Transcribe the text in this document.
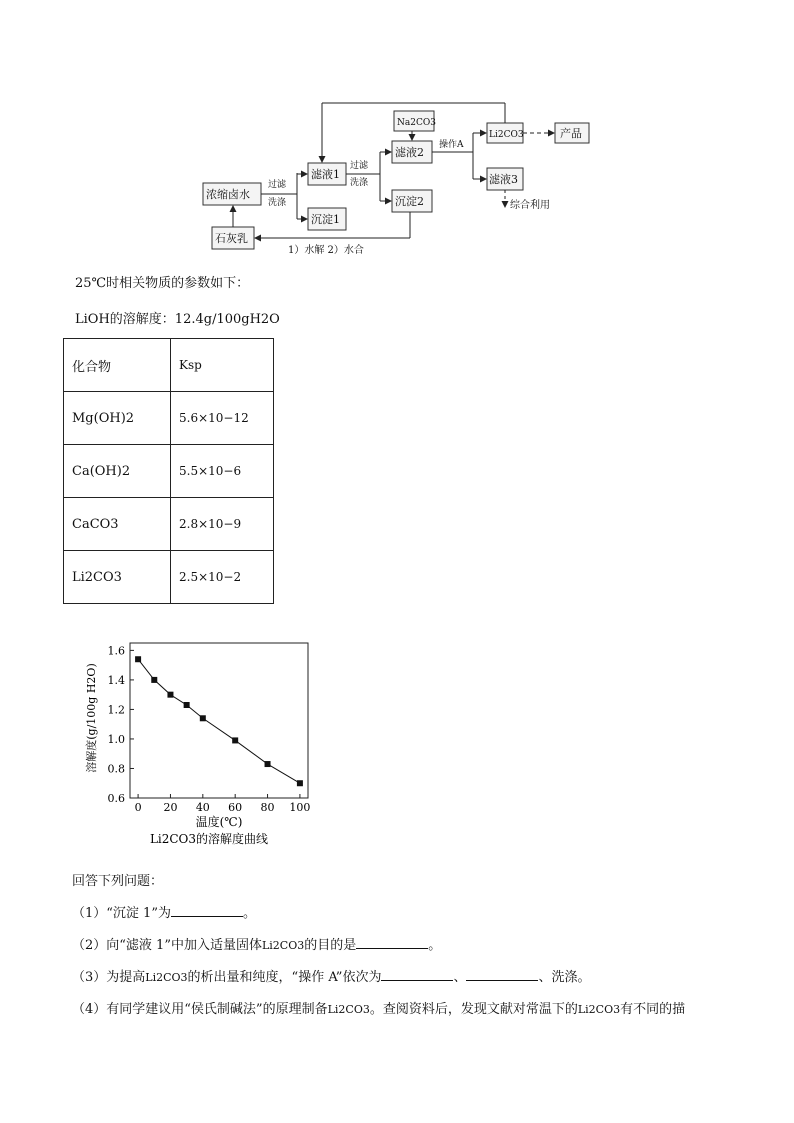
浓缩卤水
滤液1
沉淀1
滤液2
沉淀2
滤液3
产品
石灰乳
Na2CO3
Li2CO3
过滤
洗涤
过滤
洗涤
操作A
综合利用
1）水解 2）水合
25℃时相关物质的参数如下：
LiOH的溶解度：12.4g/100gH2O
化合物	Ksp
Mg(OH)2	5.6×10−12
Ca(OH)2	5.5×10−6
CaCO3	2.8×10−9
Li2CO3	2.5×10−2
0 20 40 60 80 100
0.6
0.8
1.0
1.2
1.4
1.6
温度(℃)
Li2CO3的溶解度曲线
溶解度(g/100g H2O)
回答下列问题：
（1）“沉淀 1”为	。
（2）向“滤液 1”中加入适量固体Li2CO3的目的是	。
（3）为提高Li2CO3的析出量和纯度，“操作 A”依次为	、	、洗涤。
（4）有同学建议用“侯氏制碱法”的原理制备Li2CO3。查阅资料后，发现文献对常温下的Li2CO3有不同的描
